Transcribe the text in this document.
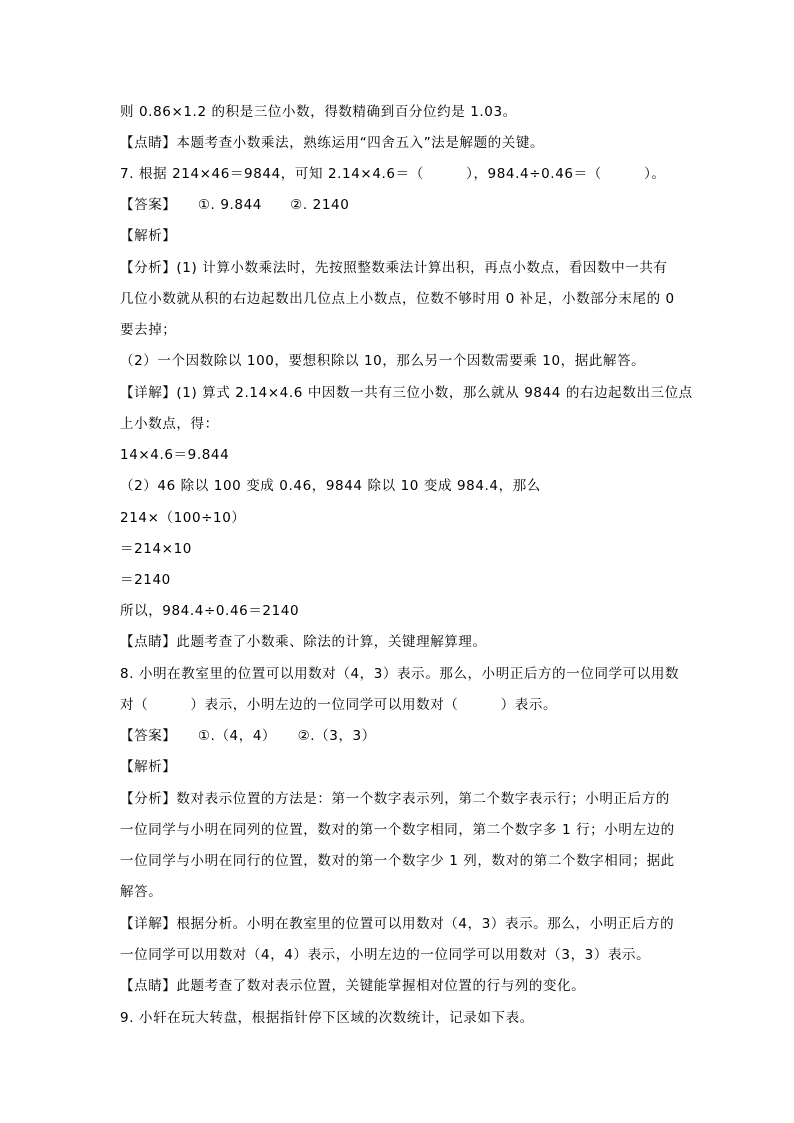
则 0.86×1.2 的积是三位小数，得数精确到百分位约是 1.03。
【点睛】本题考查小数乘法，熟练运用“四舍五入”法是解题的关键。
7. 根据 214×46＝9844，可知 2.14×4.6＝（　　　），984.4÷0.46＝（　　　）。
【答案】　　①. 9.844　　②. 2140
【解析】
【分析】(1) 计算小数乘法时，先按照整数乘法计算出积，再点小数点，看因数中一共有
几位小数就从积的右边起数出几位点上小数点，位数不够时用 0 补足，小数部分末尾的 0
要去掉；
（2）一个因数除以 100，要想积除以 10，那么另一个因数需要乘 10，据此解答。
【详解】(1) 算式 2.14×4.6 中因数一共有三位小数，那么就从 9844 的右边起数出三位点
上小数点，得：
14×4.6＝9.844
（2）46 除以 100 变成 0.46，9844 除以 10 变成 984.4，那么
214×（100÷10）
＝214×10
＝2140
所以，984.4÷0.46＝2140
【点睛】此题考查了小数乘、除法的计算，关键理解算理。
8. 小明在教室里的位置可以用数对（4，3）表示。那么，小明正后方的一位同学可以用数
对（　　　）表示，小明左边的一位同学可以用数对（　　　）表示。
【答案】　　①.（4，4）　　②.（3，3）
【解析】
【分析】数对表示位置的方法是：第一个数字表示列，第二个数字表示行；小明正后方的
一位同学与小明在同列的位置，数对的第一个数字相同，第二个数字多 1 行；小明左边的
一位同学与小明在同行的位置，数对的第一个数字少 1 列，数对的第二个数字相同；据此
解答。
【详解】根据分析。小明在教室里的位置可以用数对（4，3）表示。那么，小明正后方的
一位同学可以用数对（4，4）表示，小明左边的一位同学可以用数对（3，3）表示。
【点睛】此题考查了数对表示位置，关键能掌握相对位置的行与列的变化。
9. 小轩在玩大转盘，根据指针停下区域的次数统计，记录如下表。
